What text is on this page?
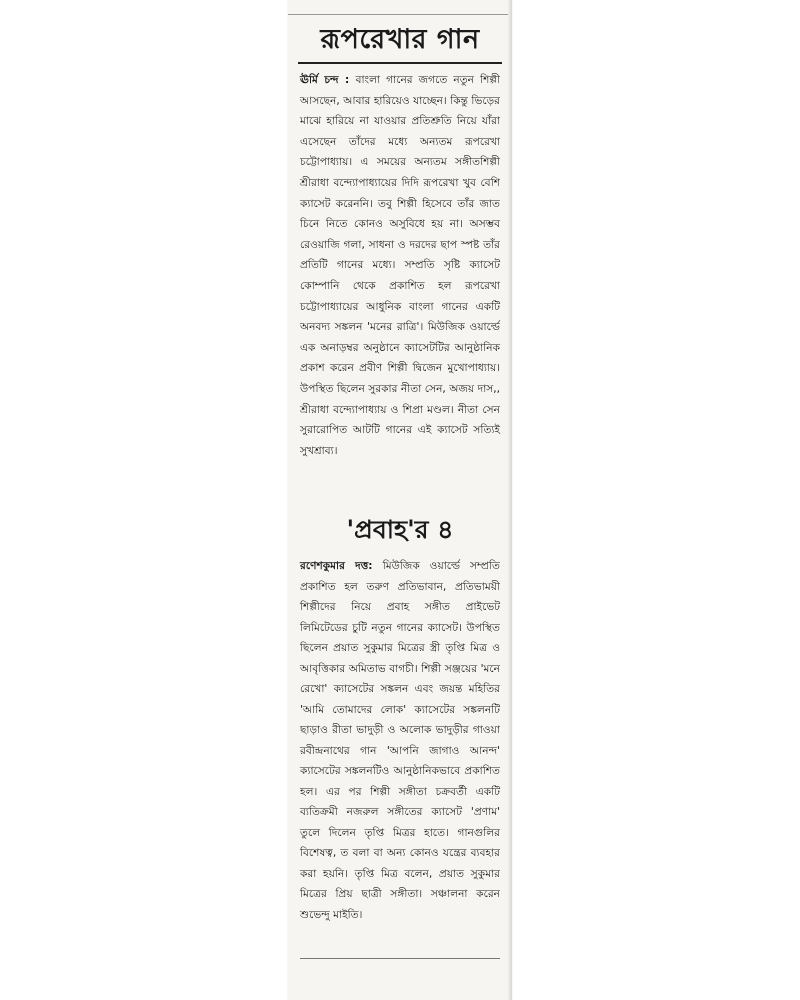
রূপরেখার গান
ঊর্মি চন্দ : বাংলা গানের জগতে নতুন শিল্পী আসছেন, আবার হারিয়েও যাচ্ছেন। কিন্তু ভিড়ের মাঝে হারিয়ে না যাওয়ার প্রতিশ্রুতি নিয়ে যাঁরা এসেছেন তাঁদের মধ্যে অন্যতম রূপরেখা চট্টোপাধ্যায়। এ সময়ের অন্যতম সঙ্গীতশিল্পী শ্রীরাধা বন্দ্যোপাধ্যায়ের দিদি রূপরেখা খুব বেশি ক্যাসেট করেননি। তবু শিল্পী হিসেবে তাঁর জাত চিনে নিতে কোনও অসুবিধে হয় না। অসম্ভব রেওয়াজি গলা, সাধনা ও দরদের ছাপ স্পষ্ট তাঁর প্রতিটি গানের মধ্যে। সম্প্রতি সৃষ্টি ক্যাসেট কোম্পানি থেকে প্রকাশিত হল রূপরেখা চট্টোপাধ্যায়ের আধুনিক বাংলা গানের একটি অনবদ্য সঙ্কলন 'মনের রাত্রি'। মিউজিক ওয়ার্ল্ডে এক অনাড়ম্বর অনুষ্ঠানে ক্যাসেটটির আনুষ্ঠানিক প্রকাশ করেন প্রবীণ শিল্পী দ্বিজেন মুখোপাধ্যায়। উপস্থিত ছিলেন সুরকার নীতা সেন, অজয় দাস,, শ্রীরাধা বন্দ্যোপাধ্যায় ও শিপ্রা মণ্ডল। নীতা সেন সুরারোপিত আটটি গানের এই ক্যাসেট সত্যিই সুখশ্রাব্য।
'প্রবাহ'র ৪
রণেশকুমার দত্ত: মিউজিক ওয়ার্ল্ডে সম্প্রতি প্রকাশিত হল তরুণ প্রতিভাবান, প্রতিভাময়ী শিল্পীদের নিয়ে প্রবাহ সঙ্গীত প্রাইভেট লিমিটেডের চুটি নতুন গানের ক্যাসেট। উপস্থিত ছিলেন প্রয়াত সুকুমার মিত্রের স্ত্রী তৃপ্তি মিত্র ও আবৃত্তিকার অমিতাভ বাগচী। শিল্পী সঞ্জয়ের 'মনে রেখো' ক্যাসেটের সঙ্কলন এবং জয়ন্ত মহিতির 'আমি তোমাদের লোক' ক্যাসেটের সঙ্কলনটি ছাড়াও রীতা ভাদুড়ী ও অলোক ভাদুড়ীর গাওয়া রবীন্দ্রনাথের গান 'আপনি জাগাও আনন্দ' ক্যাসেটের সঙ্কলনটিও আনুষ্ঠানিকভাবে প্রকাশিত হল। এর পর শিল্পী সঙ্গীতা চক্রবর্তী একটি ব্যতিক্রমী নজরুল সঙ্গীতের ক্যাসেট 'প্রণাম' তুলে দিলেন তৃপ্তি মিত্রর হাতে। গানগুলির বিশেষত্ব, ত বলা বা অন্য কোনও যন্ত্রের ব্যবহার করা হয়নি। তৃপ্তি মিত্র বলেন, প্রয়াত সুকুমার মিত্রের প্রিয় ছাত্রী সঙ্গীতা। সঞ্চালনা করেন শুভেন্দু মাইতি।
